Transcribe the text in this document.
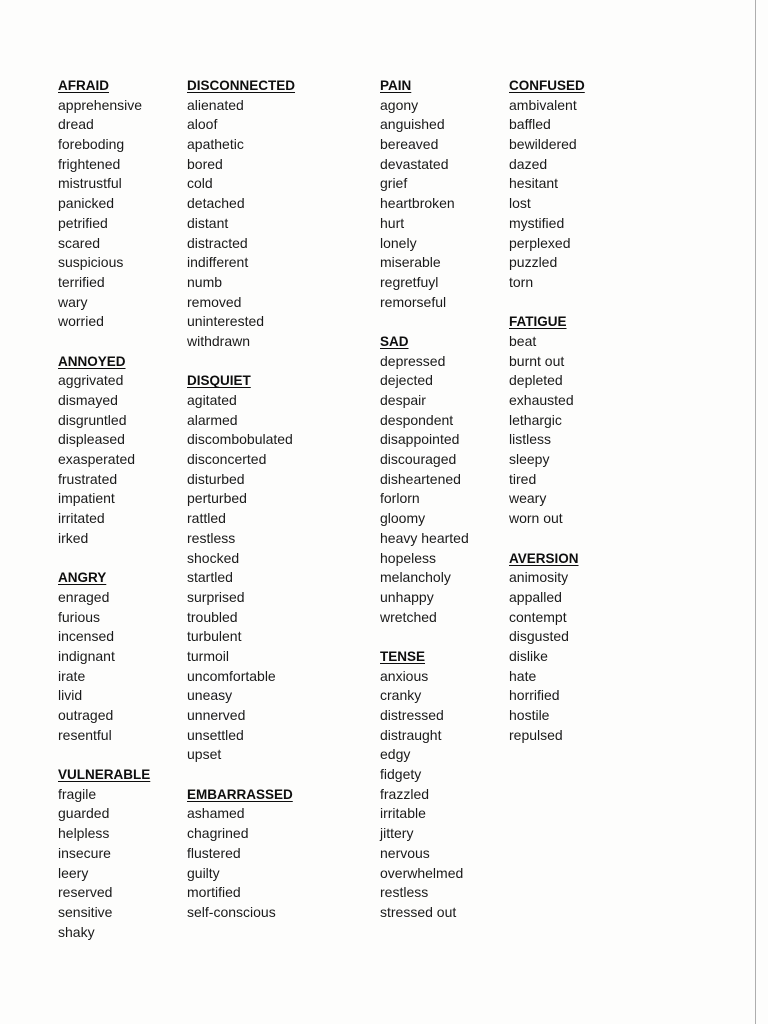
AFRAID
apprehensive
dread
foreboding
frightened
mistrustful
panicked
petrified
scared
suspicious
terrified
wary
worried
ANNOYED
aggrivated
dismayed
disgruntled
displeased
exasperated
frustrated
impatient
irritated
irked
ANGRY
enraged
furious
incensed
indignant
irate
livid
outraged
resentful
VULNERABLE
fragile
guarded
helpless
insecure
leery
reserved
sensitive
shaky
DISCONNECTED
alienated
aloof
apathetic
bored
cold
detached
distant
distracted
indifferent
numb
removed
uninterested
withdrawn
DISQUIET
agitated
alarmed
discombobulated
disconcerted
disturbed
perturbed
rattled
restless
shocked
startled
surprised
troubled
turbulent
turmoil
uncomfortable
uneasy
unnerved
unsettled
upset
EMBARRASSED
ashamed
chagrined
flustered
guilty
mortified
self-conscious
PAIN
agony
anguished
bereaved
devastated
grief
heartbroken
hurt
lonely
miserable
regretfuyl
remorseful
SAD
depressed
dejected
despair
despondent
disappointed
discouraged
disheartened
forlorn
gloomy
heavy hearted
hopeless
melancholy
unhappy
wretched
TENSE
anxious
cranky
distressed
distraught
edgy
fidgety
frazzled
irritable
jittery
nervous
overwhelmed
restless
stressed out
CONFUSED
ambivalent
baffled
bewildered
dazed
hesitant
lost
mystified
perplexed
puzzled
torn
FATIGUE
beat
burnt out
depleted
exhausted
lethargic
listless
sleepy
tired
weary
worn out
AVERSION
animosity
appalled
contempt
disgusted
dislike
hate
horrified
hostile
repulsed
